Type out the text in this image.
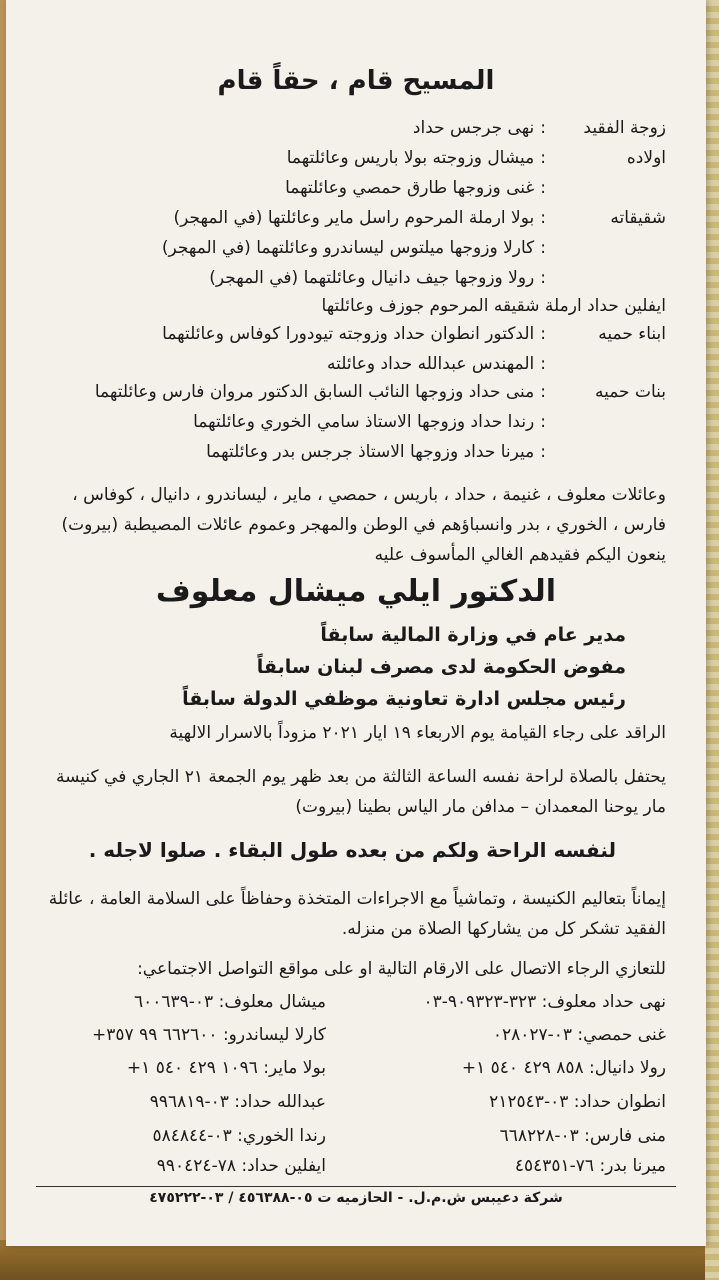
المسيح قام ، حقاً قام
زوجة الفقيد
:نهى جرجس حداد
اولاده
:ميشال وزوجته بولا باريس وعائلتهما
:غنى وزوجها طارق حمصي وعائلتهما
شقيقاته
:بولا ارملة المرحوم راسل ماير وعائلتها (في المهجر)
:كارلا وزوجها ميلتوس ليساندرو وعائلتهما (في المهجر)
:رولا وزوجها جيف دانيال وعائلتهما (في المهجر)
ايفلين حداد ارملة شقيقه المرحوم جوزف وعائلتها
ابناء حميه
:الدكتور انطوان حداد وزوجته تيودورا كوفاس وعائلتهما
:المهندس عبدالله حداد وعائلته
بنات حميه
:منى حداد وزوجها النائب السابق الدكتور مروان فارس وعائلتهما
:رندا حداد وزوجها الاستاذ سامي الخوري وعائلتهما
:ميرنا حداد وزوجها الاستاذ جرجس بدر وعائلتهما
وعائلات معلوف ، غنيمة ، حداد ، باريس ، حمصي ، ماير ، ليساندرو ، دانيال ، كوفاس ، فارس ، الخوري ، بدر وانسباؤهم في الوطن والمهجر وعموم عائلات المصيطبة (بيروت) ينعون اليكم فقيدهم الغالي المأسوف عليه
الدكتور ايلي ميشال معلوف
مدير عام في وزارة المالية سابقاً
مفوض الحكومة لدى مصرف لبنان سابقاً
رئيس مجلس ادارة تعاونية موظفي الدولة سابقاً
الراقد على رجاء القيامة يوم الاربعاء ١٩ ايار ٢٠٢١ مزوداً بالاسرار الالهية
يحتفل بالصلاة لراحة نفسه الساعة الثالثة من بعد ظهر يوم الجمعة ٢١ الجاري في كنيسة مار يوحنا المعمدان – مدافن مار الياس بطينا (بيروت)
لنفسه الراحة ولكم من بعده طول البقاء . صلوا لاجله .
إيماناً بتعاليم الكنيسة ، وتماشياً مع الاجراءات المتخذة وحفاظاً على السلامة العامة ، عائلة الفقيد تشكر كل من يشاركها الصلاة من منزله.
للتعازي الرجاء الاتصال على الارقام التالية او على مواقع التواصل الاجتماعي:
نهى حداد معلوف: ٣٢٣-٩٠٩٣٢٣-٠٣
غنى حمصي: ٠٣-٠٢٨٠٢٧
رولا دانيال: ٨٥٨ ٤٢٩ ٥٤٠ ١+
انطوان حداد: ٠٣-٢١٢٥٤٣
منى فارس: ٠٣-٦٦٨٢٢٨
ميرنا بدر: ٧٦-٤٥٤٣٥١
ميشال معلوف: ٠٣-٦٠٠٦٣٩
كارلا ليساندرو: ٦٦٢٦٠٠ ٩٩ ٣٥٧+
بولا ماير: ١٠٩٦ ٤٢٩ ٥٤٠ ١+
عبدالله حداد: ٠٣-٩٩٦٨١٩
رندا الخوري: ٠٣-٥٨٤٨٤٤
ايفلين حداد: ٧٨-٩٩٠٤٢٤
شركة دعيبس ش.م.ل. - الحازميه ت ٠٥-٤٥٦٣٨٨ / ٠٣-٤٧٥٢٢٢
